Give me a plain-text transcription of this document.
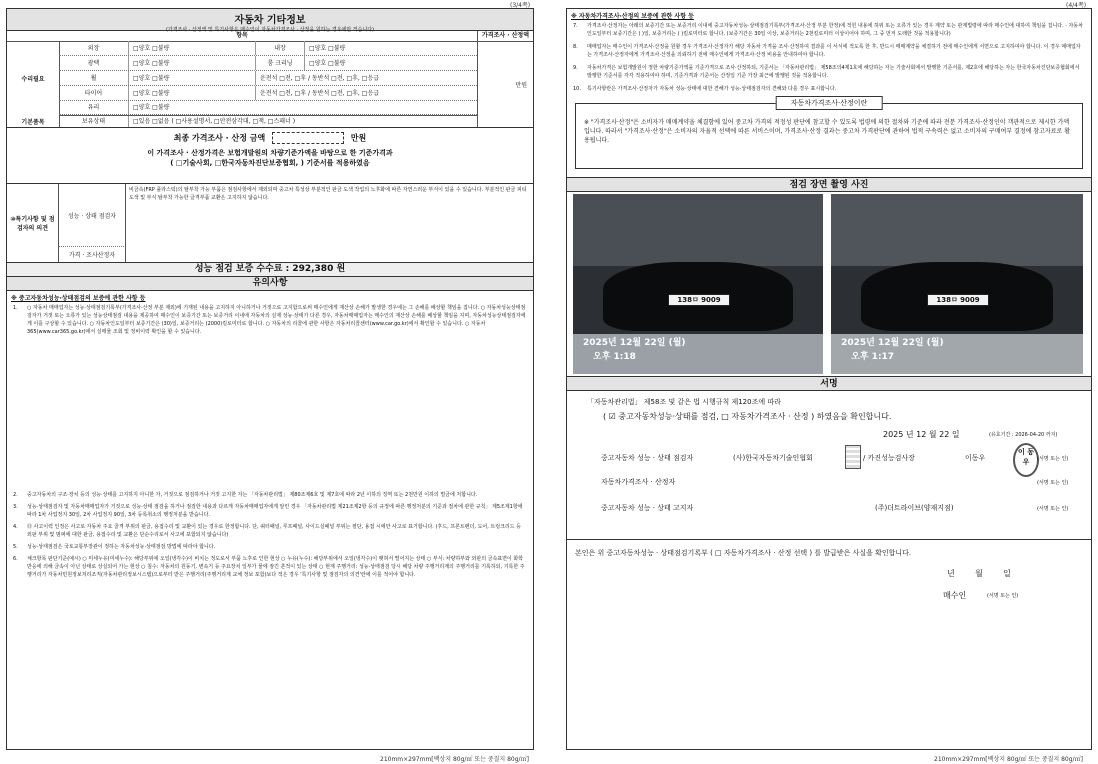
(3/4쪽)
자동차 기타정보
(가격조사 · 산정액 및 특기사항은 매수인이 자동차가격조사 · 산정을 원하는 경우에만 적습니다)
항목	가격조사 · 산정액
수리필요
기본품목
만원
외장	□양호 □불량	내장	□양호 □불량
광택	□양호 □불량	룸 크리닝	□양호 □불량
휠	□양호 □불량	운전석 □전, □후 / 동반석 □전, □후, □응급
타이어	□양호 □불량	운전석 □전, □후 / 동반석 □전, □후, □응급
유리	□양호 □불량
보유상태	□있음 □없음 ( □사용설명서, □안전삼각대, □잭, □스패너 )
최종 가격조사 · 산정 금액	만원
이 가격조사 · 산정가격은 보험개발원의 차량기준가액을 바탕으로 한 기준가격과
( □기술사회, □한국자동차진단보증협회, ) 기준서를 적용하였음
⑩특기사항 및 점검자의 의견
성능 · 상태 점검자
비금속(FRP 플라스틱)의 탈부착 가능 부품은 점검사항에서 제외되며 중고차 특성상 부분적인 판금 도색 작업의 노후화에 따른 자연스러운 부식이 있을 수 있습니다. 부분적인 판금 피티 도색 및 부식 탈부착 가능한 글격부품 교환은 고지하지 않습니다.
가격 · 조사산정자
성능 점검 보증 수수료 : 292,380 원
유의사항
※ 중고자동차성능·상태점검의 보증에 관한 사항 등
1.	○ 자동차 매매업자는 성능·상태점검기록부(가격조사·산정 부분 제외)에 기재된 내용을 고지하지 아니하거나 거짓으로 고지함으로써 매수인에게 재산상 손해가 발생한 경우에는 그 손해를 배상할 책임을 집니다. ○ 자동차성능상태점검자가 거짓 또는 오류가 있는 성능상태점검 내용을 제공하여 매수인이 보증기간 또는 보증거리 이내에 자동차의 실제 성능·상태가 다른 경우, 자동차매매업자는 매수인의 재산상 손해를 배상할 책임을 지며, 자동차성능상태점검자에게 이를 구상할 수 있습니다. ○ 자동차인도일부터 보증기간은 (30)일, 보증거리는 (2000)킬로미터로 합니다. ○ 자동차의 리콜에 관한 사항은 자동차리콜센터(www.car.go.kr)에서 확인할 수 있습니다. ○ 자동차365(www.car365.go.kr)에서 실매물 조회 및 정비이력 확인을 할 수 있습니다.
2.	중고자동차의 구조·장치 등의 성능·상태를 고지하지 아니한 자, 거짓으로 점검하거나 거짓 고지한 자는 「자동차관리법」 제80조제6호 및 제7호에 따라 2년 이하의 징역 또는 2천만원 이하의 벌금에 처합니다.
3.	성능·상태점검자 및 자동차매매업자가 거짓으로 성능·상태 점검을 하거나 점검한 내용과 다르게 자동차매매업자에게 알린 경우 「자동차관리법 제21조제2항 등의 규정에 따른 행정처분의 기준과 절차에 관한 규칙」 제5조제1항에 따라 1차 사업정지 30일, 2차 사업정지 90일, 3차 등록취소의 행정처분을 받습니다.
4.	⑬ 사고이력 인정은 사고로 자동차 주요 골격 부위의 판금, 용접수리 및 교환이 있는 경우로 한정합니다. 단, 쿼터패널, 루프패널, 사이드실패널 부위는 절단, 용접 시에만 사고로 표기합니다. (후드, 프론트펜더, 도어, 트렁크리드 등 외판 부위 및 범퍼에 대한 판금, 용접수리 및 교환은 단순수리로서 사고에 포함되지 않습니다)
5.	성능·상태점검은 국토교통부장관이 정하는 자동차성능·상태점검 방법에 따라야 합니다.
6.	체크항목 판단기준(예시) ○ 미세누유(미세누수): 해당부위에 오일(냉각수)이 비치는 정도로서 부품 노후로 인한 현상 ○ 누유(누수): 해당부위에서 오일(냉각수)이 맺혀서 떨어지는 상태 ○ 부식: 차량하부와 외판의 금속표면이 화학반응에 의해 금속이 아닌 상태로 상실되어 가는 현상 ○ 침수: 자동차의 원동기, 변속기 등 주요장치 일부가 물에 잠긴 흔적이 있는 상태 ○ 현재 주행거리: 성능·상태점검 당시 해당 차량 주행거리계의 주행거리를 기록하되, 기록한 주행거리가 자동차민원정보처리조직(자동차관리정보시스템)으로부터 받은 주행거리(주행거리계 교체 정보 포함)보다 적은 경우 '특기사항 및 점검자의 의견'란에 이를 적어야 합니다.
210mm×297mm[백상지 80g/㎡ 또는 중질지 80g/㎡]
(4/4쪽)
※ 자동차가격조사·산정의 보증에 관한 사항 등
7.	가격조사·산정자는 아래의 보증기간 또는 보증거리 이내에 중고자동차성능·상태점검기록부(가격조사·산정 부분 한정)에 적힌 내용에 허위 또는 오류가 있는 경우 계약 또는 관계법령에 따라 매수인에 대하여 책임을 집니다. · 자동차인도일부터 보증기간은 ( )일, 보증거리는 ( )킬로미터로 합니다. (보증기간은 30일 이상, 보증거리는 2천킬로미터 이상이어야 하며, 그 중 먼저 도래한 것을 적용합니다)
8.	매매업자는 매수인이 가격조사·산정을 원할 경우 가격조사·산정자가 해당 자동차 가격을 조사·산정하여 결과를 이 서식에 적도록 한 후, 반드시 매매계약을 체결하기 전에 매수인에게 서면으로 고지하여야 합니다. 이 경우 매매업자는 가격조사·산정자에게 가격조사·산정을 의뢰하기 전에 매수인에게 가격조사·산정 비용을 안내하여야 합니다.
9.	자동차가격은 보험개발원이 정한 차량기준가액을 기준가격으로 조사·산정하되, 기준서는 「자동차관리법」 제58조의4제1호에 해당하는 자는 기술사회에서 발행한 기준서를, 제2호에 해당하는 자는 한국자동차진단보증협회에서 발행한 기준서를 각각 적용하여야 하며, 기준가격과 기준서는 산정일 기준 가장 최근에 발행된 것을 적용합니다.
10.	특기사항란은 가격조사·산정자가 자동차 성능·상태에 대한 견해가 성능·상태점검자의 견해와 다를 경우 표시합니다.
자동차가격조사·산정이란
※ "가격조사·산정"은 소비자가 매매계약을 체결함에 있어 중고차 가격의 적정성 판단에 참고할 수 있도록 법령에 의한 절차와 기준에 따라 전문 가격조사·산정인이 객관적으로 제시한 가액입니다. 따라서 "가격조사·산정"은 소비자의 자율적 선택에 따른 서비스이며, 가격조사·산정 결과는 중고차 가격판단에 관하여 법적 구속력은 없고 소비자의 구매여부 결정에 참고자료로 활용됩니다.
점검 장면 촬영 사진
138ㅁ 9009
2025년 12월 22일 (월)
오후 1:18
138ㅁ 9009
2025년 12월 22일 (월)
오후 1:17
서명
「자동차관리법」 제58조 및 같은 법 시행규칙 제120조에 따라
( ☑ 중고자동차성능·상태를 점검, □ 자동차가격조사 · 산정 ) 하였음을 확인합니다.
2025 년 12 월 22 일	(유효기간 : 2026-04-20 까지)
중고자동차 성능 · 상태 점검자	(사)한국자동차기술인협회	/ 카진성능검사장	이동우
이 동 우	(서명 또는 인)
자동차가격조사 · 산정자	(서명 또는 인)
중고자동차 성능 · 상태 고지자	(주)더트라이브(양재지점)	(서명 또는 인)
본인은 위 중고자동차성능 · 상태점검기록부 ( □ 자동차가격조사 · 산정 선택 ) 를 발급받은 사실을 확인합니다.
년        월        일
매수인	(서명 또는 인)
210mm×297mm[백상지 80g/㎡ 또는 중질지 80g/㎡]
